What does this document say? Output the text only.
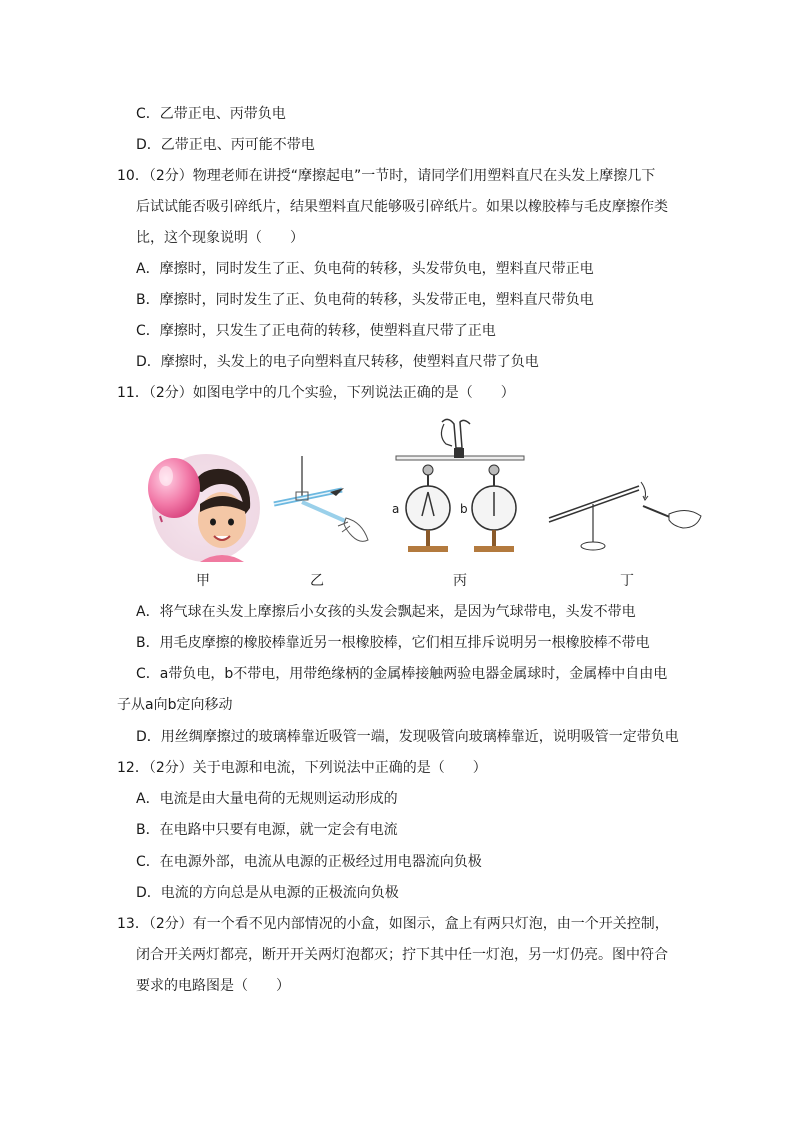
C．乙带正电、丙带负电
D．乙带正电、丙可能不带电
10．（2分）物理老师在讲授“摩擦起电”一节时，请同学们用塑料直尺在头发上摩擦几下
后试试能否吸引碎纸片，结果塑料直尺能够吸引碎纸片。如果以橡胶棒与毛皮摩擦作类
比，这个现象说明（　　）
A．摩擦时，同时发生了正、负电荷的转移，头发带负电，塑料直尺带正电
B．摩擦时，同时发生了正、负电荷的转移，头发带正电，塑料直尺带负电
C．摩擦时，只发生了正电荷的转移，使塑料直尺带了正电
D．摩擦时，头发上的电子向塑料直尺转移，使塑料直尺带了负电
11．（2分）如图电学中的几个实验，下列说法正确的是（　　）
a	b
甲	乙	丙	丁
A．将气球在头发上摩擦后小女孩的头发会飘起来，是因为气球带电，头发不带电
B．用毛皮摩擦的橡胶棒靠近另一根橡胶棒，它们相互排斥说明另一根橡胶棒不带电
C．a带负电，b不带电，用带绝缘柄的金属棒接触两验电器金属球时，金属棒中自由电
子从a向b定向移动
D．用丝绸摩擦过的玻璃棒靠近吸管一端，发现吸管向玻璃棒靠近，说明吸管一定带负电
12．（2分）关于电源和电流，下列说法中正确的是（　　）
A．电流是由大量电荷的无规则运动形成的
B．在电路中只要有电源，就一定会有电流
C．在电源外部，电流从电源的正极经过用电器流向负极
D．电流的方向总是从电源的正极流向负极
13．（2分）有一个看不见内部情况的小盒，如图示，盒上有两只灯泡，由一个开关控制，
闭合开关两灯都亮，断开开关两灯泡都灭；拧下其中任一灯泡，另一灯仍亮。图中符合
要求的电路图是（　　）
